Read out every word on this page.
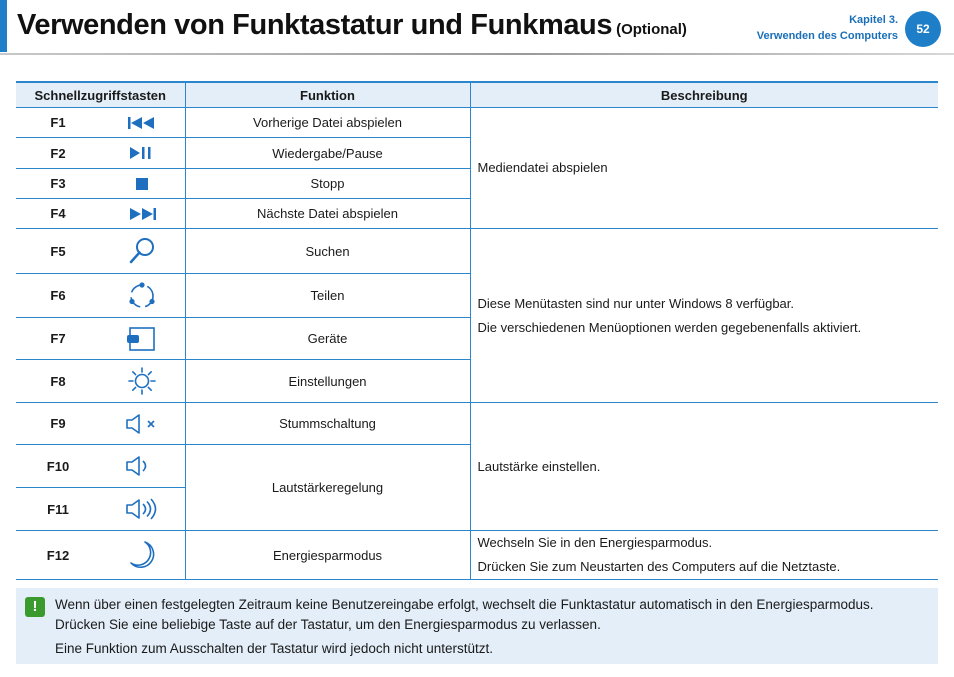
Verwenden von Funktastatur und Funkmaus (Optional)
Kapitel 3.
Verwenden des Computers	52
Schnellzugriffstasten		Funktion	Beschreibung
F1		Vorherige Datei abspielen	Mediendatei abspielen

F2		Wiedergabe/Pause	
F3		Stopp	
F4		Nächste Datei abspielen	
F5		Suchen	Diese Menütasten sind nur unter Windows 8 verfügbar.
Die verschiedenen Menüoptionen werden gegebenenfalls aktiviert.

F6		Teilen	
F7		Geräte	
F8		Einstellungen	
F9		Stummschaltung	Lautstärke einstellen.

F10		Lautstärkeregelung	
F11	

F12		Energiesparmodus	Wechseln Sie in den Energiesparmodus.
Drücken Sie zum Neustarten des Computers auf die Netztaste.
!	Wenn über einen festgelegten Zeitraum keine Benutzereingabe erfolgt, wechselt die Funktastatur automatisch in den Energiesparmodus. Drücken Sie eine beliebige Taste auf der Tastatur, um den Energiesparmodus zu verlassen.

Eine Funktion zum Ausschalten der Tastatur wird jedoch nicht unterstützt.
